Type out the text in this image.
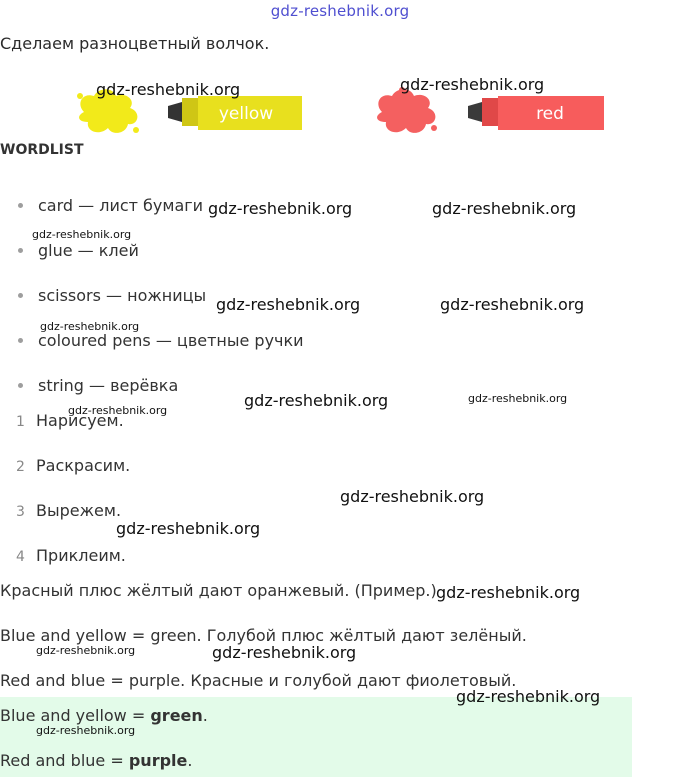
gdz-reshebnik.org
Сделаем разноцветный волчок.
yellow	red
WORDLIST
card — лист бумаги
glue — клей
scissors — ножницы
coloured pens — цветные ручки
string — верёвка
1 Нарисуем.
2 Раскрасим.
3 Вырежем.
4 Приклеим.
Красный плюс жёлтый дают оранжевый. (Пример.)
Blue and yellow = green. Голубой плюс жёлтый дают зелёный.
Red and blue = purple. Красные и голубой дают фиолетовый.
Blue and yellow = green.
Red and blue = purple.
gdz-reshebnik.org	gdz-reshebnik.org
gdz-reshebnik.org	gdz-reshebnik.org
gdz-reshebnik.org
gdz-reshebnik.org	gdz-reshebnik.org
gdz-reshebnik.org
gdz-reshebnik.org	gdz-reshebnik.org
gdz-reshebnik.org
gdz-reshebnik.org
gdz-reshebnik.org
gdz-reshebnik.org
gdz-reshebnik.org	gdz-reshebnik.org
gdz-reshebnik.org
gdz-reshebnik.org
